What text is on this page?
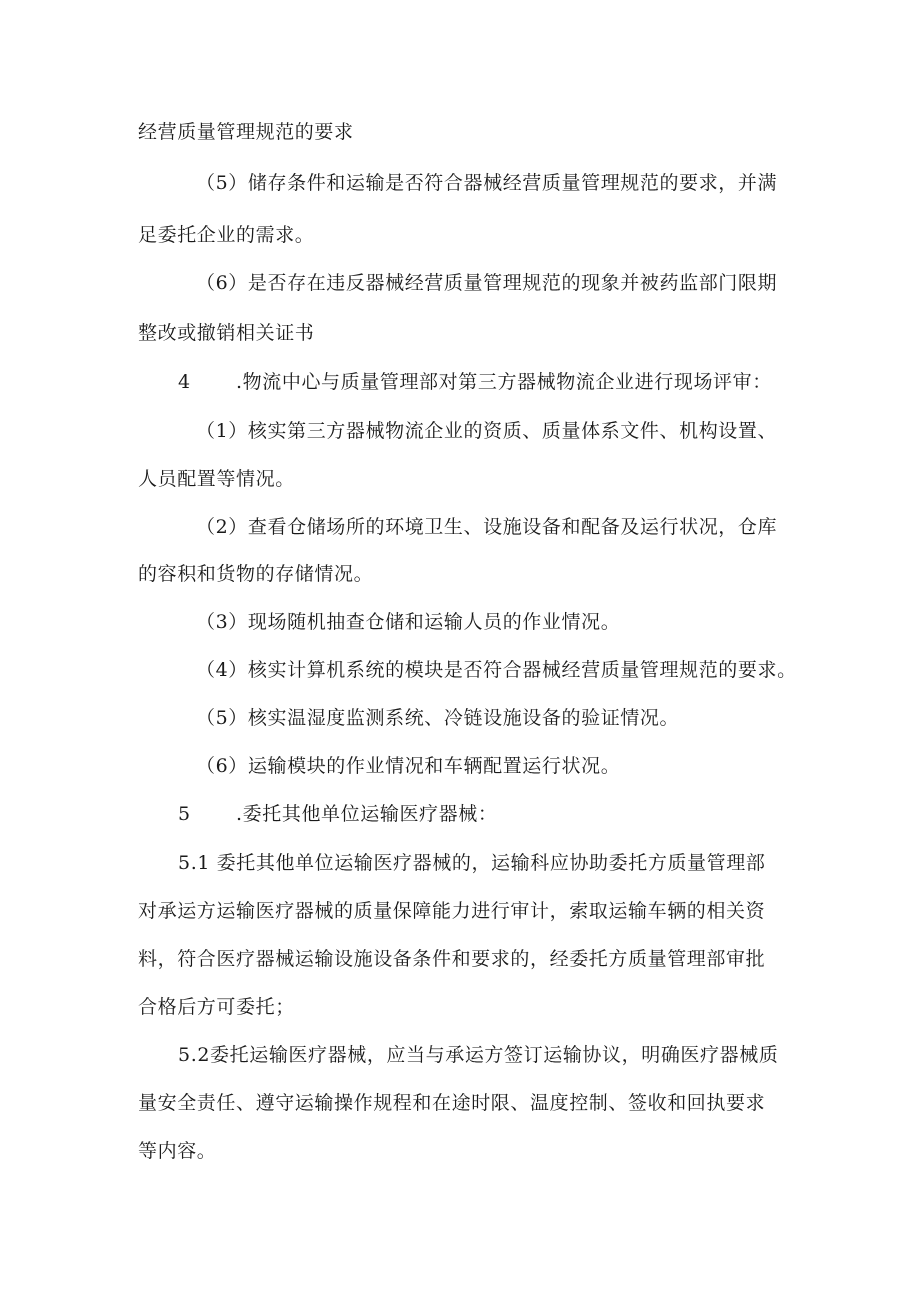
经营质量管理规范的要求

（5）储存条件和运输是否符合器械经营质量管理规范的要求，并满

足委托企业的需求。

（6）是否存在违反器械经营质量管理规范的现象并被药监部门限期

整改或撤销相关证书

4 .物流中心与质量管理部对第三方器械物流企业进行现场评审：

（1）核实第三方器械物流企业的资质、质量体系文件、机构设置、

人员配置等情况。

（2）查看仓储场所的环境卫生、设施设备和配备及运行状况，仓库

的容积和货物的存储情况。

（3）现场随机抽查仓储和运输人员的作业情况。

（4）核实计算机系统的模块是否符合器械经营质量管理规范的要求。

（5）核实温湿度监测系统、冷链设施设备的验证情况。

（6）运输模块的作业情况和车辆配置运行状况。

5 .委托其他单位运输医疗器械：

5.1 委托其他单位运输医疗器械的，运输科应协助委托方质量管理部

对承运方运输医疗器械的质量保障能力进行审计，索取运输车辆的相关资

料，符合医疗器械运输设施设备条件和要求的，经委托方质量管理部审批

合格后方可委托；

5.2委托运输医疗器械，应当与承运方签订运输协议，明确医疗器械质

量安全责任、遵守运输操作规程和在途时限、温度控制、签收和回执要求

等内容。
